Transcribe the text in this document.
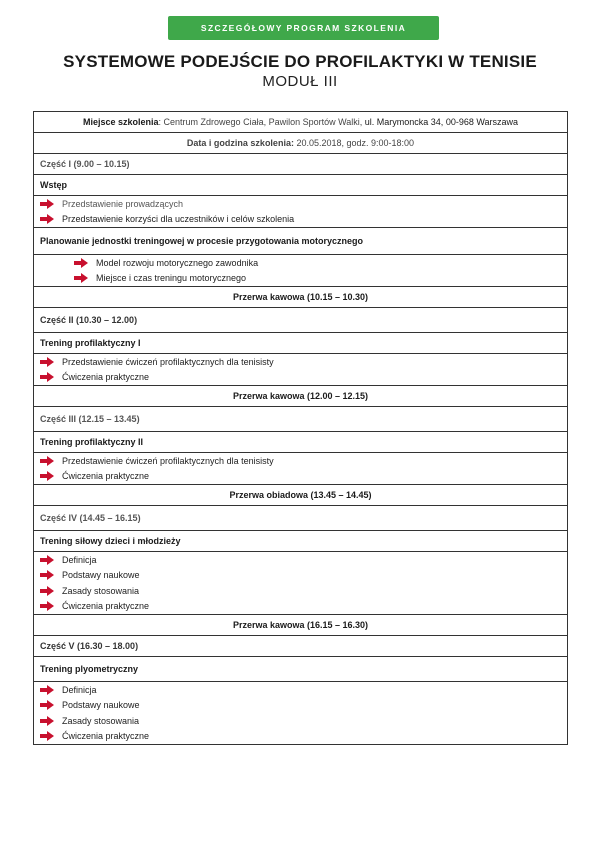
SZCZEGÓŁOWY PROGRAM SZKOLENIA
SYSTEMOWE PODEJŚCIE DO PROFILAKTYKI W TENISIE
MODUŁ III
Miejsce szkolenia: Centrum Zdrowego Ciała, Pawilon Sportów Walki, ul. Marymoncka 34, 00-968 Warszawa
Data i godzina szkolenia: 20.05.2018, godz. 9:00-18:00
Część I (9.00 – 10.15)
Wstęp

Przedstawienie prowadzących
Przedstawienie korzyści dla uczestników i celów szkolenia

Planowanie jednostki treningowej w procesie przygotowania motorycznego

Model rozwoju motorycznego zawodnika
Miejsce i czas treningu motorycznego

Przerwa kawowa (10.15 – 10.30)
Część II (10.30 – 12.00)
Trening profilaktyczny I

Przedstawienie ćwiczeń profilaktycznych dla tenisisty
Ćwiczenia praktyczne

Przerwa kawowa (12.00 – 12.15)
Część III (12.15 – 13.45)
Trening profilaktyczny II

Przedstawienie ćwiczeń profilaktycznych dla tenisisty
Ćwiczenia praktyczne

Przerwa obiadowa (13.45 – 14.45)
Część IV (14.45 – 16.15)
Trening siłowy dzieci i młodzieży

Definicja
Podstawy naukowe
Zasady stosowania
Ćwiczenia praktyczne

Przerwa kawowa (16.15 – 16.30)
Część V (16.30 – 18.00)
Trening plyometryczny

Definicja
Podstawy naukowe
Zasady stosowania
Ćwiczenia praktyczne
